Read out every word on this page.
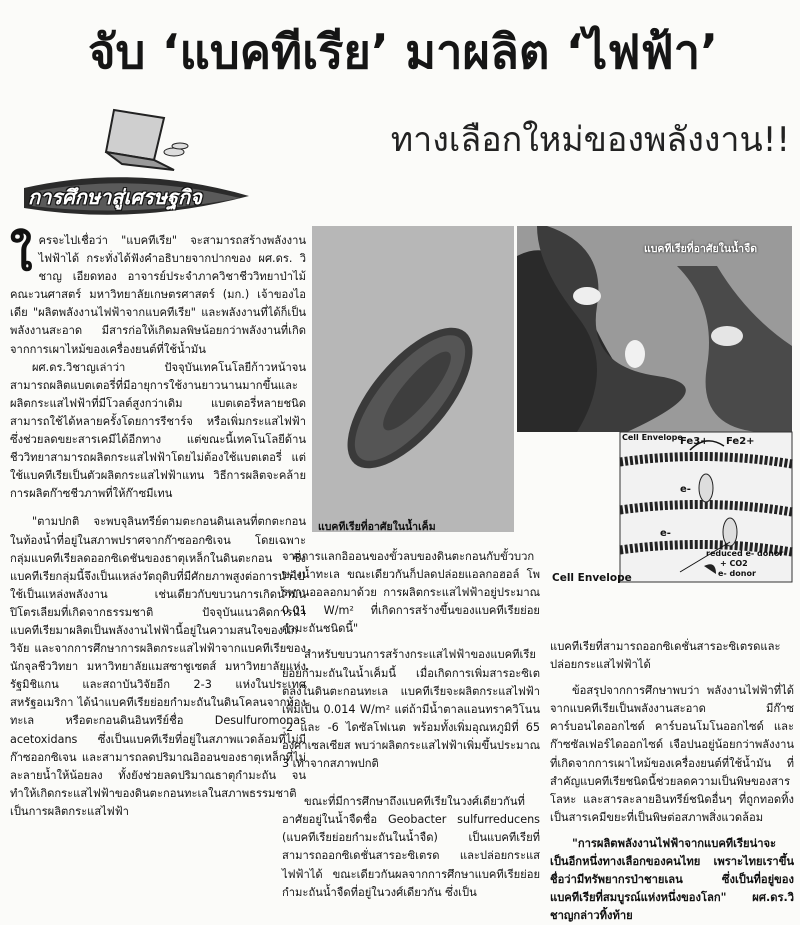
จับ ‘แบคทีเรีย’ มาผลิต ‘ไฟฟ้า’
ทางเลือกใหม่ของพลังงาน!!
การศึกษาสู่เศรษฐกิจ
แบคทีเรียที่อาศัยในน้ำเค็ม
แบคทีเรียที่อาศัยในน้ำจืด
Cell Envelope
Fe3+ Fe2+
e-
e-
reduced e- donor
+ CO2
e- donor
Cell Envelope

ใ ครจะไปเชื่อว่า "แบคทีเรีย" จะสามารถสร้างพลังงานไฟฟ้าได้ กระทั่งได้ฟังคำอธิบายจากปากของ ผศ.ดร. วิชาญ เอียดทอง อาจารย์ประจำภาควิชาชีววิทยาป่าไม้ คณะวนศาสตร์ มหาวิทยาลัยเกษตรศาสตร์ (มก.) เจ้าของไอเดีย "ผลิตพลังงานไฟฟ้าจากแบคทีเรีย" และพลังงานที่ได้ก็เป็นพลังงานสะอาด มีสารก่อให้เกิดมลพิษน้อยกว่าพลังงานที่เกิดจากการเผาไหม้ของเครื่องยนต์ที่ใช้น้ำมัน

ผศ.ดร.วิชาญเล่าว่า ปัจจุบันเทคโนโลยีก้าวหน้าจนสามารถผลิตแบตเตอรี่ที่มีอายุการใช้งานยาวนานมากขึ้นและผลิตกระแสไฟฟ้าที่มีโวลต์สูงกว่าเดิม แบตเตอรี่หลายชนิดสามารถใช้ได้หลายครั้งโดยการรีชาร์จ หรือเพิ่มกระแสไฟฟ้า ซึ่งช่วยลดขยะสารเคมีได้อีกทาง แต่ขณะนี้เทคโนโลยีด้านชีววิทยาสามารถผลิตกระแสไฟฟ้าโดยไม่ต้องใช้แบตเตอรี่ แต่ใช้แบคทีเรียเป็นตัวผลิตกระแสไฟฟ้าแทน วิธีการผลิตจะคล้ายการผลิตก๊าซชีวภาพที่ให้ก๊าซมีเทน

"ตามปกติ จะพบจุลินทรีย์ตามตะกอนดินเลนที่ตกตะกอนในท้องน้ำที่อยู่ในสภาพปราศจากก๊าซออกซิเจน โดยเฉพาะกลุ่มแบคทีเรียลดออกซิเดชันของธาตุเหล็กในดินตะกอน ซึ่งแบคทีเรียกลุ่มนี้จึงเป็นแหล่งวัตถุดิบที่มีศักยภาพสูงต่อการนำไปใช้เป็นแหล่งพลังงาน เช่นเดียวกับขบวนการเกิดน้ำมันปิโตรเลียมที่เกิดจากธรรมชาติ ปัจจุบันแนวคิดการนำแบคทีเรียมาผลิตเป็นพลังงานไฟฟ้านี้อยู่ในความสนใจของนักวิจัย และจากการศึกษาการผลิตกระแสไฟฟ้าจากแบคทีเรียของนักจุลชีววิทยา มหาวิทยาลัยแมสซาชูเซตส์ มหาวิทยาลัยแห่งรัฐมิชิแกน และสถาบันวิจัยอีก 2-3 แห่งในประเทศสหรัฐอเมริกา ได้นำแบคทีเรียย่อยกำมะถันในดินโคลนจากท้องทะเล หรือตะกอนดินอินทรีย์ชื่อ Desulfuromonas acetoxidans ซึ่งเป็นแบคทีเรียที่อยู่ในสภาพแวดล้อมที่ไม่มีก๊าซออกซิเจน และสามารถลดปริมาณอิออนของธาตุเหล็กที่ไม่ละลายน้ำให้น้อยลง ทั้งยังช่วยลดปริมาณธาตุกำมะถัน จนทำให้เกิดกระแสไฟฟ้าของดินตะกอนทะเลในสภาพธรรมชาติ เป็นการผลิตกระแสไฟฟ้า

จากการแลกอิออนของขั้วลบของดินตะกอนกับขั้วบวกของน้ำทะเล ขณะเดียวกันก็ปลดปล่อยแอลกอฮอล์ โพรพานออลอกมาด้วย การผลิตกระแสไฟฟ้าอยู่ประมาณ 0.01 W/m² ที่เกิดการสร้างขึ้นของแบคทีเรียย่อยกำมะถันชนิดนี้"

สำหรับขบวนการสร้างกระแสไฟฟ้าของแบคทีเรียย่อยกำมะถันในน้ำเค็มนี้ เมื่อเกิดการเพิ่มสารอะซิเตตลงในดินตะกอนทะเล แบคทีเรียจะผลิตกระแสไฟฟ้าเพิ่มเป็น 0.014 W/m² แต่ถ้ามีน้ำตาลแอนทราควิโนน -2 และ -6 ไดซัลโฟเนต พร้อมทั้งเพิ่มอุณหภูมิที่ 65 องศาเซลเซียส พบว่าผลิตกระแสไฟฟ้าเพิ่มขึ้นประมาณ 3 เท่าจากสภาพปกติ

ขณะที่มีการศึกษาถึงแบคทีเรียในวงศ์เดียวกันที่อาศัยอยู่ในน้ำจืดชื่อ Geobacter sulfurreducens (แบคทีเรียย่อยกำมะถันในน้ำจืด) เป็นแบคทีเรียที่สามารถออกซิเดชั่นสารอะซิเตรด และปล่อยกระแสไฟฟ้าได้ ขณะเดียวกันผลจากการศึกษาแบคทีเรียย่อยกำมะถันน้ำจืดที่อยู่ในวงศ์เดียวกัน ซึ่งเป็น

แบคทีเรียที่สามารถออกซิเดชั่นสารอะซิเตรดและปล่อยกระแสไฟฟ้าได้

ข้อสรุปจากการศึกษาพบว่า พลังงานไฟฟ้าที่ได้จากแบคทีเรียเป็นพลังงานสะอาด มีก๊าซคาร์บอนไดออกไซด์ คาร์บอนโมโนออกไซด์ และก๊าซซัลเฟอร์ไดออกไซด์ เจือปนอยู่น้อยกว่าพลังงานที่เกิดจากการเผาไหม้ของเครื่องยนต์ที่ใช้น้ำมัน ที่สำคัญแบคทีเรียชนิดนี้ช่วยลดความเป็นพิษของสารโลหะ และสารละลายอินทรีย์ชนิดอื่นๆ ที่ถูกทอดทิ้งเป็นสารเคมีขยะที่เป็นพิษต่อสภาพสิ่งแวดล้อม

"การผลิตพลังงานไฟฟ้าจากแบคทีเรียน่าจะเป็นอีกหนึ่งทางเลือกของคนไทย เพราะไทยเราขึ้นชื่อว่ามีทรัพยากรป่าชายเลน ซึ่งเป็นที่อยู่ของแบคทีเรียที่สมบูรณ์แห่งหนึ่งของโลก" ผศ.ดร.วิชาญกล่าวทิ้งท้าย
